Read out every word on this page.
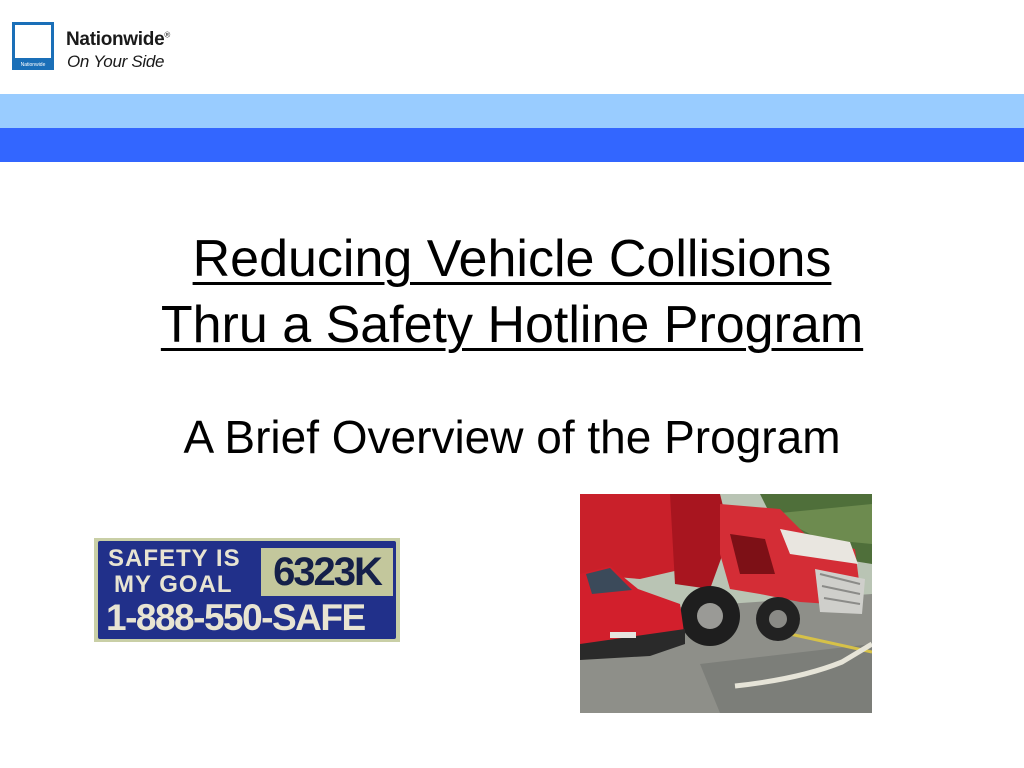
Nationwide
Nationwide®
On Your Side
Reducing Vehicle Collisions
Thru a Safety Hotline Program
A Brief Overview of the Program
SAFETY IS
MY GOAL	6323K
1-888-550-SAFE
